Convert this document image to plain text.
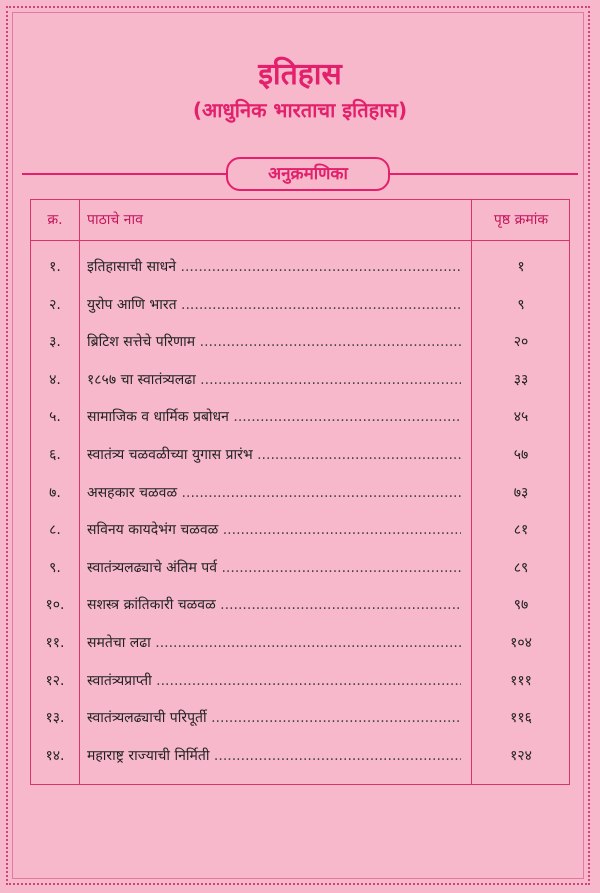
इतिहास
(आधुनिक भारताचा इतिहास)
अनुक्रमणिका
क्र.	पाठाचे नाव	पृष्ठ क्रमांक
१.	इतिहासाची साधने .....	१
२.	युरोप आणि भारत .....	९
३.	ब्रिटिश सत्तेचे परिणाम .....	२०
४.	१८५७ चा स्वातंत्र्यलढा .....	३३
५.	सामाजिक व धार्मिक प्रबोधन .....	४५
६.	स्वातंत्र्य चळवळीच्या युगास प्रारंभ .....	५७
७.	असहकार चळवळ .....	७३
८.	सविनय कायदेभंग चळवळ .....	८१
९.	स्वातंत्र्यलढ्याचे अंतिम पर्व .....	८९
१०.	सशस्त्र क्रांतिकारी चळवळ .....	९७
११.	समतेचा लढा .....	१०४
१२.	स्वातंत्र्यप्राप्ती .....	१११
१३.	स्वातंत्र्यलढ्याची परिपूर्ती .....	११६
१४.	महाराष्ट्र राज्याची निर्मिती .....	१२४
